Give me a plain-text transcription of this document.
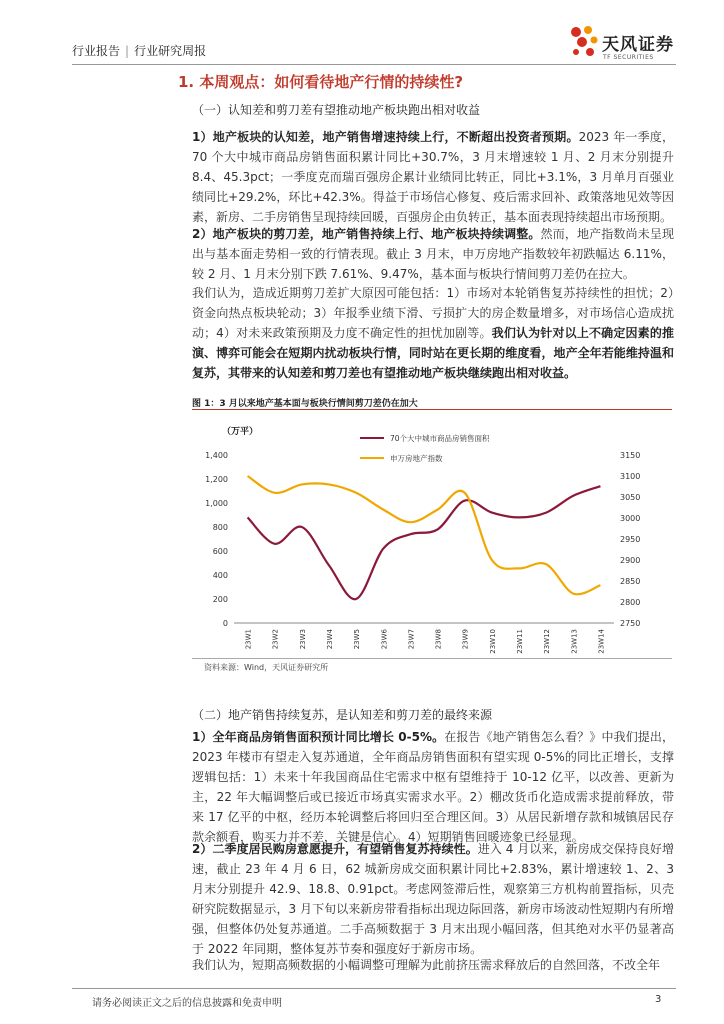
行业报告 | 行业研究周报	天风证券
TF SECURITIES
1. 本周观点：如何看待地产行情的持续性?
（一）认知差和剪刀差有望推动地产板块跑出相对收益
1）地产板块的认知差，地产销售增速持续上行，不断超出投资者预期。2023 年一季度，70 个大中城市商品房销售面积累计同比+30.7%，3 月末增速较 1 月、2 月末分别提升 8.4、45.3pct；一季度克而瑞百强房企累计业绩同比转正，同比+3.1%，3 月单月百强业绩同比+29.2%，环比+42.3%。得益于市场信心修复、疫后需求回补、政策落地见效等因素，新房、二手房销售呈现持续回暖，百强房企由负转正，基本面表现持续超出市场预期。
2）地产板块的剪刀差，地产销售持续上行、地产板块持续调整。然而，地产指数尚未呈现出与基本面走势相一致的行情表现。截止 3 月末，申万房地产指数较年初跌幅达 6.11%，较 2 月、1 月末分别下跌 7.61%、9.47%，基本面与板块行情间剪刀差仍在拉大。
我们认为，造成近期剪刀差扩大原因可能包括：1）市场对本轮销售复苏持续性的担忧；2）资金向热点板块轮动；3）年报季业绩下滑、亏损扩大的房企数量增多，对市场信心造成扰动；4）对未来政策预期及力度不确定性的担忧加剧等。我们认为针对以上不确定因素的推演、博弈可能会在短期内扰动板块行情，同时站在更长期的维度看，地产全年若能维持温和复苏，其带来的认知差和剪刀差也有望推动地产板块继续跑出相对收益。
图 1：3 月以来地产基本面与板块行情间剪刀差仍在加大
（万平）
70个大中城市商品房销售面积
申万房地产指数
0
200
400
600
800
1,000
1,200
1,400
2750
2800
2850
2900
2950
3000
3050
3100
3150
23W1	23W2	23W3	23W4	23W5	23W6	23W7	23W8	23W9	23W10	23W11	23W12	23W13	23W14
资料来源：Wind，天风证券研究所
（二）地产销售持续复苏，是认知差和剪刀差的最终来源
1）全年商品房销售面积预计同比增长 0-5%。在报告《地产销售怎么看？》中我们提出，2023 年楼市有望走入复苏通道，全年商品房销售面积有望实现 0-5%的同比正增长，支撑逻辑包括：1）未来十年我国商品住宅需求中枢有望维持于 10-12 亿平，以改善、更新为主，22 年大幅调整后或已接近市场真实需求水平。2）棚改货币化造成需求提前释放，带来 17 亿平的中枢，经历本轮调整后将回归至合理区间。3）从居民新增存款和城镇居民存款余额看，购买力并不差，关键是信心。4）短期销售回暖迹象已经显现。
2）二季度居民购房意愿提升，有望销售复苏持续性。进入 4 月以来，新房成交保持良好增速，截止 23 年 4 月 6 日，62 城新房成交面积累计同比+2.83%，累计增速较 1、2、3 月末分别提升 42.9、18.8、0.91pct。考虑网签滞后性，观察第三方机构前置指标，贝壳研究院数据显示，3 月下旬以来新房带看指标出现边际回落，新房市场波动性短期内有所增强，但整体仍处复苏通道。二手高频数据于 3 月末出现小幅回落，但其绝对水平仍显著高于 2022 年同期，整体复苏节奏和强度好于新房市场。
我们认为，短期高频数据的小幅调整可理解为此前挤压需求释放后的自然回落，不改全年
请务必阅读正文之后的信息披露和免责申明	3
